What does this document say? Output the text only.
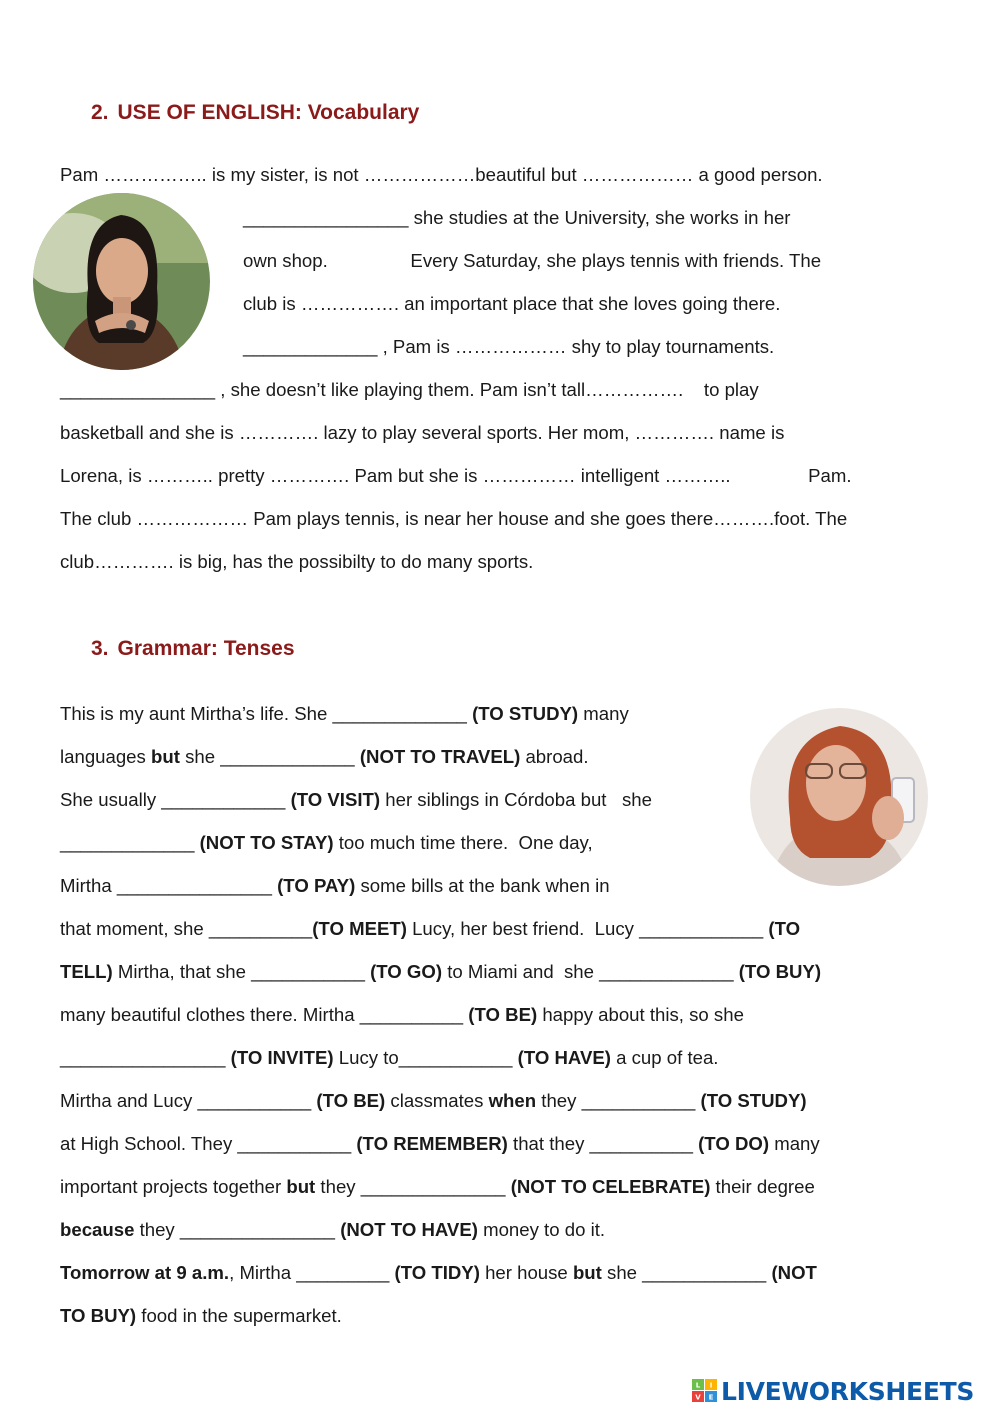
2. USE OF ENGLISH: Vocabulary

Pam …………….. is my sister, is not ………………beautiful but ……………… a good person.

________________ she studies at the University, she works in her

own shop.                Every Saturday, she plays tennis with friends. The

club is ……………. an important place that she loves going there.

_____________ , Pam is ……………… shy to play tournaments.

_______________ , she doesn’t like playing them. Pam isn’t tall…………….    to play

basketball and she is …………. lazy to play several sports. Her mom, …………. name is

Lorena, is ……….. pretty …………. Pam but she is …………… intelligent ………..               Pam.

The club ……………… Pam plays tennis, is near her house and she goes there……….foot. The

club…………. is big, has the possibilty to do many sports.

3. Grammar: Tenses

This is my aunt Mirtha’s life. She _____________ (TO STUDY) many

languages but she _____________ (NOT TO TRAVEL) abroad.

She usually ____________ (TO VISIT) her siblings in Córdoba but   she

_____________ (NOT TO STAY) too much time there.  One day,

Mirtha _______________ (TO PAY) some bills at the bank when in

that moment, she __________(TO MEET) Lucy, her best friend.  Lucy ____________ (TO

TELL) Mirtha, that she ___________ (TO GO) to Miami and  she _____________ (TO BUY)

many beautiful clothes there. Mirtha __________ (TO BE) happy about this, so she

________________ (TO INVITE) Lucy to___________ (TO HAVE) a cup of tea.

Mirtha and Lucy ___________ (TO BE) classmates when they ___________ (TO STUDY)

at High School. They ___________ (TO REMEMBER) that they __________ (TO DO) many

important projects together but they ______________ (NOT TO CELEBRATE) their degree

because they _______________ (NOT TO HAVE) money to do it.

Tomorrow at 9 a.m., Mirtha _________ (TO TIDY) her house but she ____________ (NOT

TO BUY) food in the supermarket.

L I
V E LIVEWORKSHEETS
